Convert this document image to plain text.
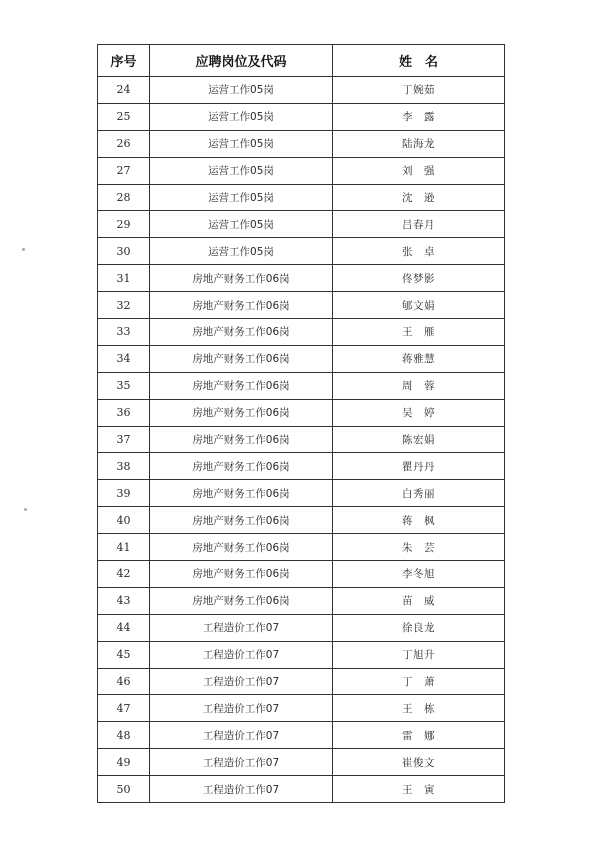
序号	应聘岗位及代码	姓　名
24	运营工作05岗	丁婉茹
25	运营工作05岗	李　露
26	运营工作05岗	陆海龙
27	运营工作05岗	刘　强
28	运营工作05岗	沈　逊
29	运营工作05岗	吕春月
30	运营工作05岗	张　卓
31	房地产财务工作06岗	佟梦影
32	房地产财务工作06岗	郇文娟
33	房地产财务工作06岗	王　雁
34	房地产财务工作06岗	蒋雅慧
35	房地产财务工作06岗	周　蓉
36	房地产财务工作06岗	吴　婷
37	房地产财务工作06岗	陈宏娟
38	房地产财务工作06岗	瞿丹丹
39	房地产财务工作06岗	白秀丽
40	房地产财务工作06岗	蒋　枫
41	房地产财务工作06岗	朱　芸
42	房地产财务工作06岗	李冬旭
43	房地产财务工作06岗	苗　威
44	工程造价工作07	徐良龙
45	工程造价工作07	丁旭升
46	工程造价工作07	丁　萧
47	工程造价工作07	王　栋
48	工程造价工作07	雷　娜
49	工程造价工作07	崔俊文
50	工程造价工作07	王　寅
